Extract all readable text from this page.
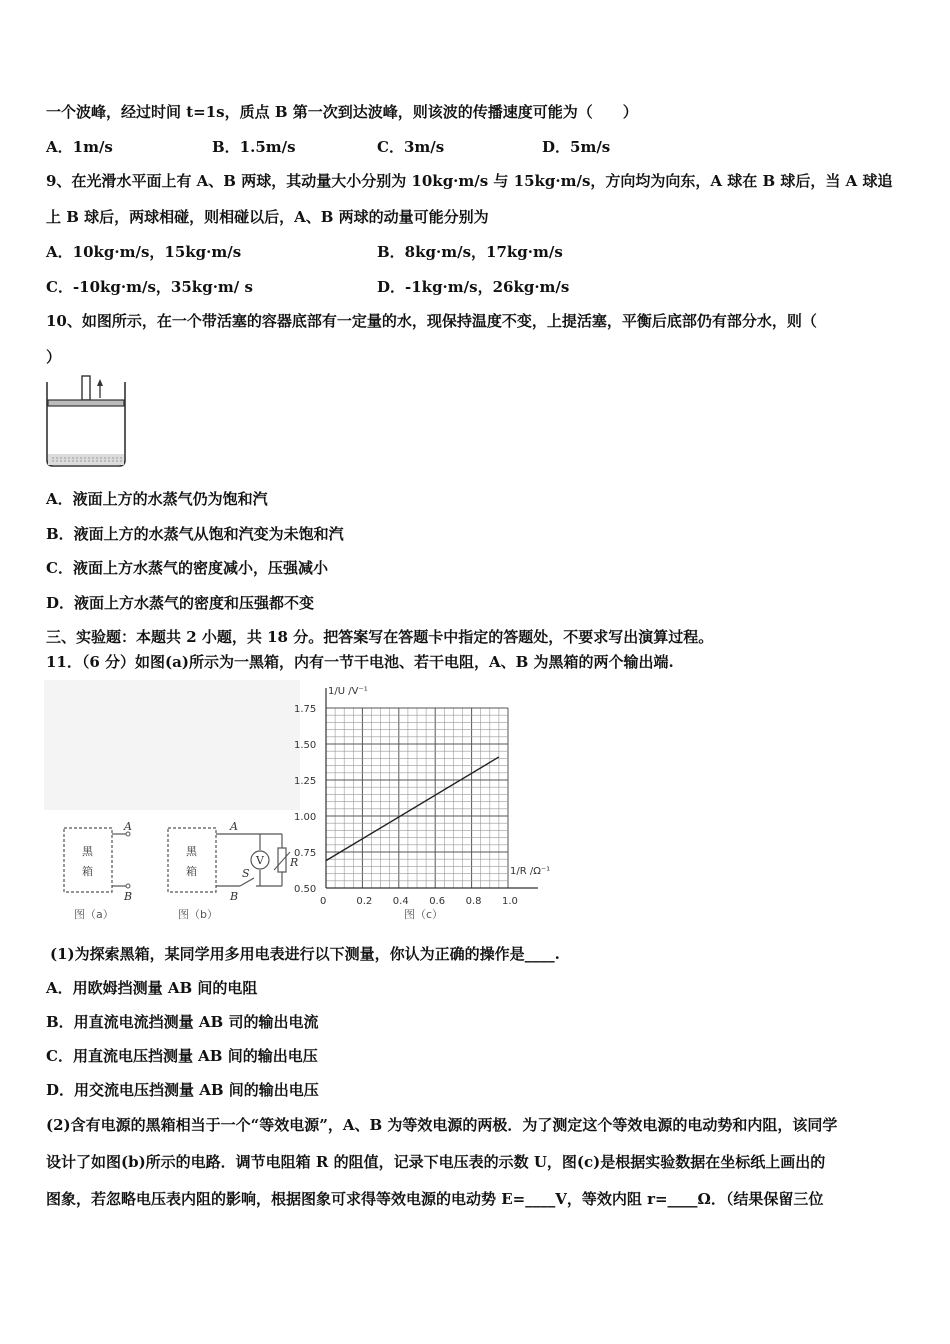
一个波峰，经过时间 t=1s，质点 B 第一次到达波峰，则该波的传播速度可能为（　　）
A．1m/s	B．1.5m/s	C．3m/s	D．5m/s
9、在光滑水平面上有 A、B 两球，其动量大小分别为 10kg·m/s 与 15kg·m/s，方向均为向东，A 球在 B 球后，当 A 球追
上 B 球后，两球相碰，则相碰以后，A、B 两球的动量可能分别为
A．10kg·m/s，15kg·m/s	B．8kg·m/s，17kg·m/s
C．-10kg·m/s，35kg·m/ s	D．-1kg·m/s，26kg·m/s
10、如图所示，在一个带活塞的容器底部有一定量的水，现保持温度不变，上提活塞，平衡后底部仍有部分水，则（
）
A．液面上方的水蒸气仍为饱和汽
B．液面上方的水蒸气从饱和汽变为未饱和汽
C．液面上方水蒸气的密度减小，压强减小
D．液面上方水蒸气的密度和压强都不变
三、实验题：本题共 2 小题，共 18 分。把答案写在答题卡中指定的答题处，不要求写出演算过程。
11．（6 分）如图(a)所示为一黑箱，内有一节干电池、若干电阻，A、B 为黑箱的两个输出端.
黑
箱
A
B
图（a）
黑
箱
A
S
B
V R
图（b）
0	0.2 0.4 0.6 0.8 1.0
0.50
0.75
1.00
1.25
1.50
1.75
1/U /V⁻¹
1/R /Ω⁻¹
图（c）
(1)为探索黑箱，某同学用多用电表进行以下测量，你认为正确的操作是____.
A．用欧姆挡测量 AB 间的电阻
B．用直流电流挡测量 AB 司的输出电流
C．用直流电压挡测量 AB 间的输出电压
D．用交流电压挡测量 AB 间的输出电压
(2)含有电源的黑箱相当于一个“等效电源”，A、B 为等效电源的两极．为了测定这个等效电源的电动势和内阻，该同学
设计了如图(b)所示的电路．调节电阻箱 R 的阻值，记录下电压表的示数 U，图(c)是根据实验数据在坐标纸上画出的
图象，若忽略电压表内阻的影响，根据图象可求得等效电源的电动势 E=____V，等效内阻 r=____Ω．（结果保留三位
